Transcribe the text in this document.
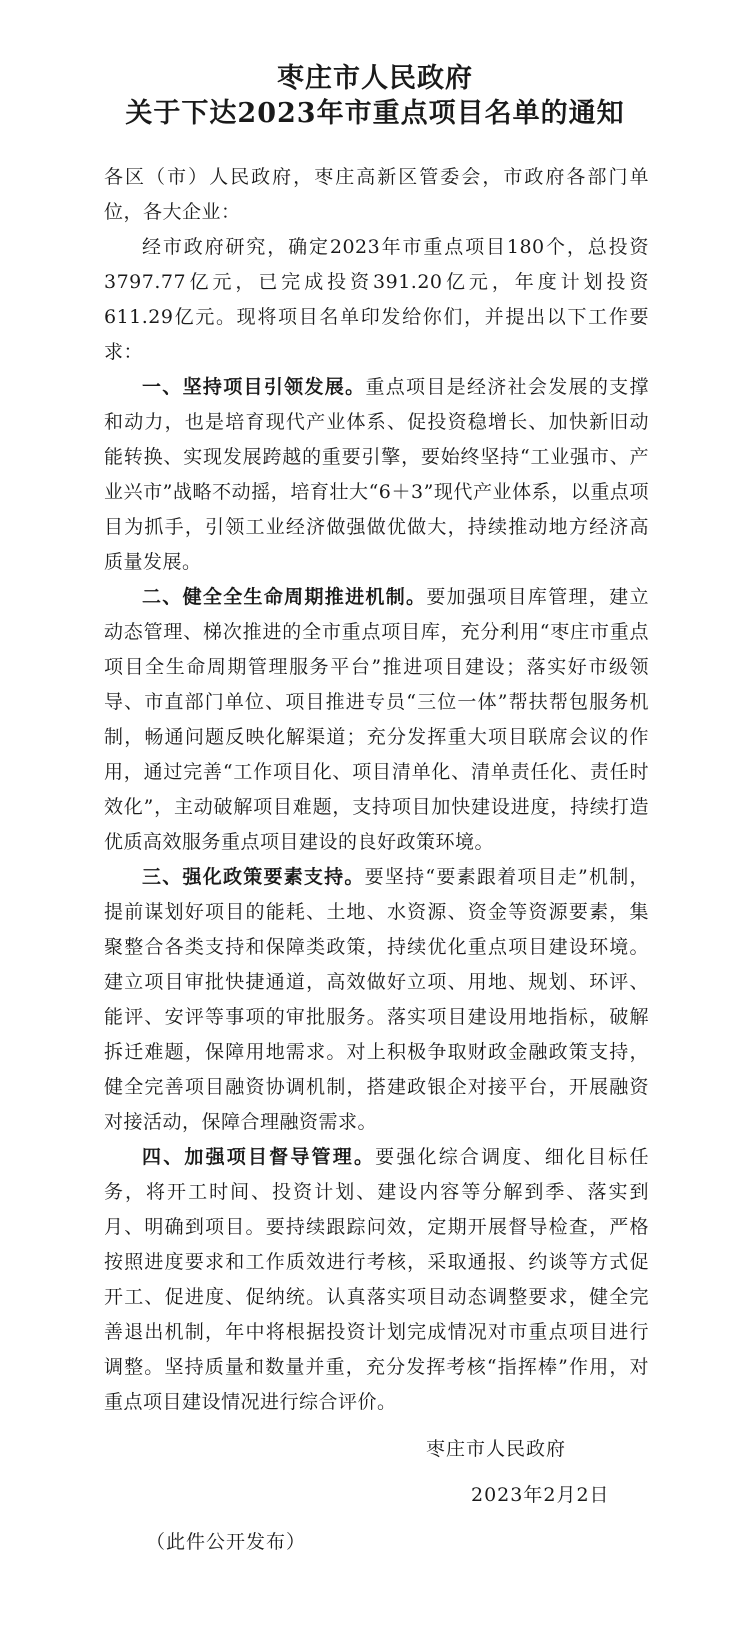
枣庄市人民政府
关于下达2023年市重点项目名单的通知

各区（市）人民政府，枣庄高新区管委会，市政府各部门单位，各大企业：

经市政府研究，确定2023年市重点项目180个，总投资3797.77亿元，已完成投资391.20亿元，年度计划投资611.29亿元。现将项目名单印发给你们，并提出以下工作要求：

一、坚持项目引领发展。重点项目是经济社会发展的支撑和动力，也是培育现代产业体系、促投资稳增长、加快新旧动能转换、实现发展跨越的重要引擎，要始终坚持“工业强市、产业兴市”战略不动摇，培育壮大“6＋3”现代产业体系，以重点项目为抓手，引领工业经济做强做优做大，持续推动地方经济高质量发展。

二、健全全生命周期推进机制。要加强项目库管理，建立动态管理、梯次推进的全市重点项目库，充分利用“枣庄市重点项目全生命周期管理服务平台”推进项目建设；落实好市级领导、市直部门单位、项目推进专员“三位一体”帮扶帮包服务机制，畅通问题反映化解渠道；充分发挥重大项目联席会议的作用，通过完善“工作项目化、项目清单化、清单责任化、责任时效化”，主动破解项目难题，支持项目加快建设进度，持续打造优质高效服务重点项目建设的良好政策环境。

三、强化政策要素支持。要坚持“要素跟着项目走”机制，提前谋划好项目的能耗、土地、水资源、资金等资源要素，集聚整合各类支持和保障类政策，持续优化重点项目建设环境。建立项目审批快捷通道，高效做好立项、用地、规划、环评、能评、安评等事项的审批服务。落实项目建设用地指标，破解拆迁难题，保障用地需求。对上积极争取财政金融政策支持，健全完善项目融资协调机制，搭建政银企对接平台，开展融资对接活动，保障合理融资需求。

四、加强项目督导管理。要强化综合调度、细化目标任务，将开工时间、投资计划、建设内容等分解到季、落实到月、明确到项目。要持续跟踪问效，定期开展督导检查，严格按照进度要求和工作质效进行考核，采取通报、约谈等方式促开工、促进度、促纳统。认真落实项目动态调整要求，健全完善退出机制，年中将根据投资计划完成情况对市重点项目进行调整。坚持质量和数量并重，充分发挥考核“指挥棒”作用，对重点项目建设情况进行综合评价。

枣庄市人民政府
2023年2月2日
（此件公开发布）
